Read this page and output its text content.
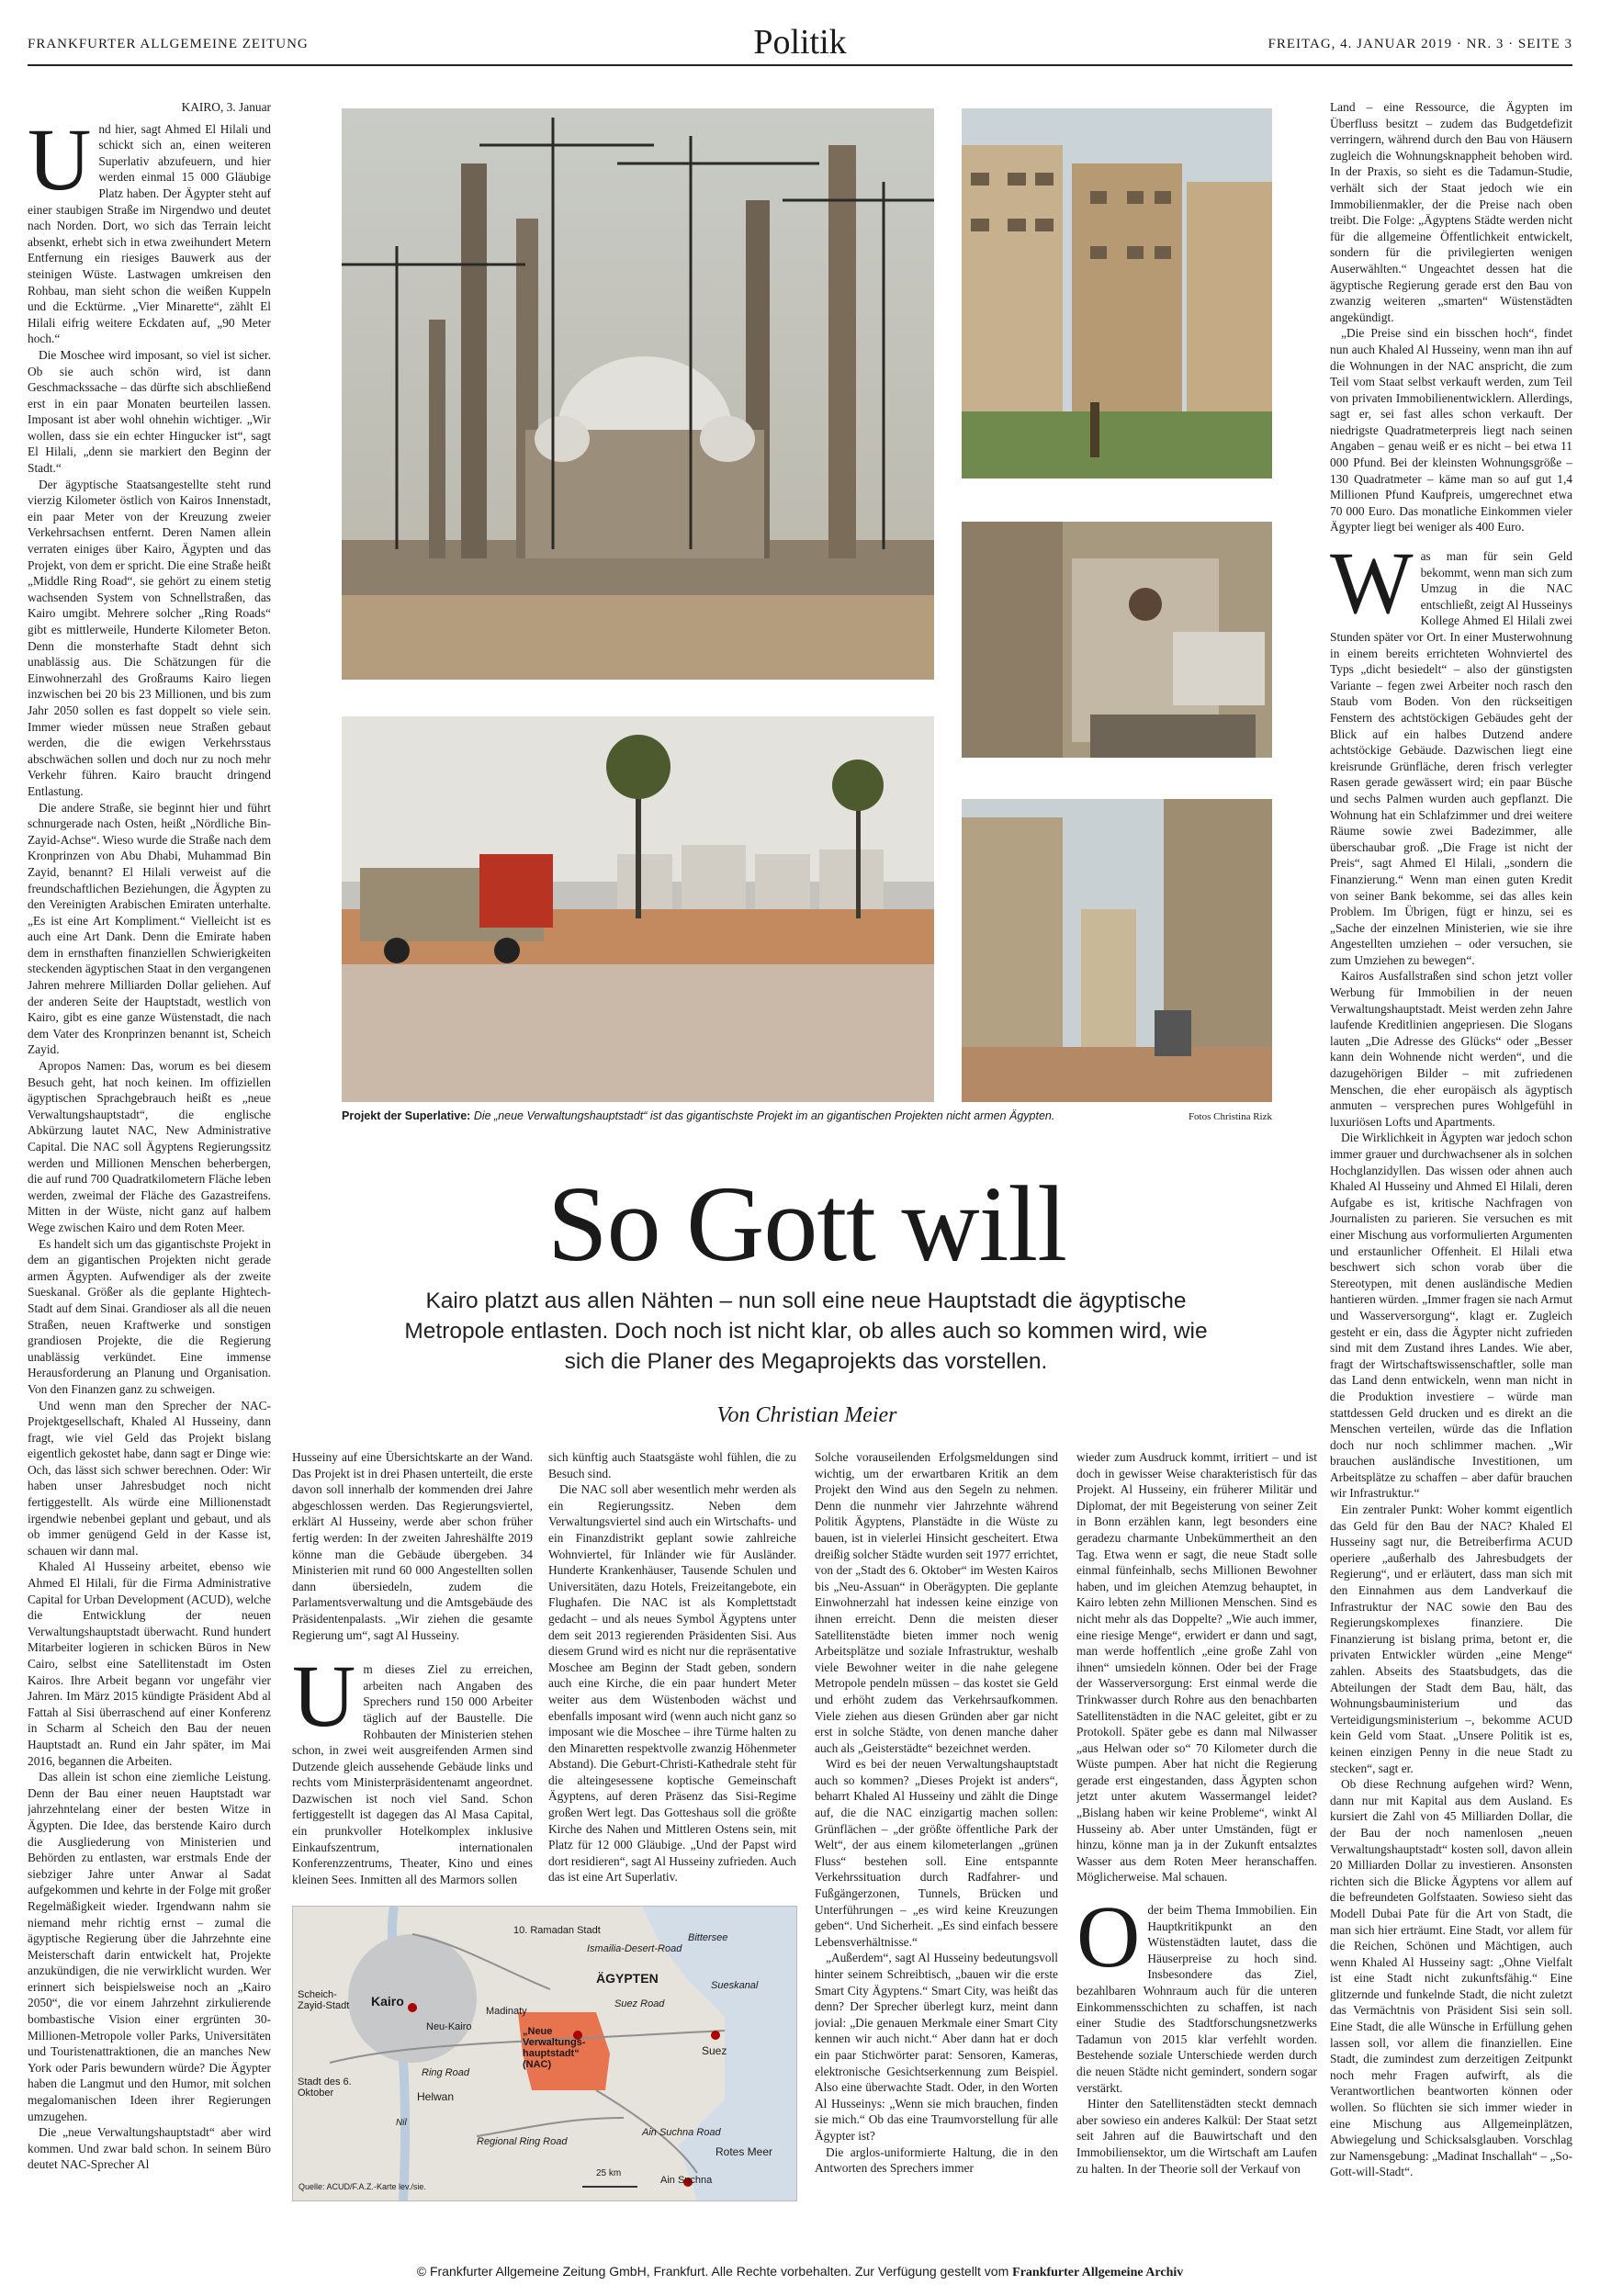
FRANKFURTER ALLGEMEINE ZEITUNG	Politik	FREITAG, 4. JANUAR 2019 · NR. 3 · SEITE 3
KAIRO, 3. Januar
U nd hier, sagt Ahmed El Hilali und schickt sich an, einen weiteren Superlativ abzufeuern, und hier werden einmal 15 000 Gläubige Platz haben. Der Ägypter steht auf einer staubigen Straße im Nirgendwo und deutet nach Norden. Dort, wo sich das Terrain leicht absenkt, erhebt sich in etwa zweihundert Metern Entfernung ein riesiges Bauwerk aus der steinigen Wüste. Lastwagen umkreisen den Rohbau, man sieht schon die weißen Kuppeln und die Ecktürme. „Vier Minarette“, zählt El Hilali eifrig weitere Eckdaten auf, „90 Meter hoch.“

Die Moschee wird imposant, so viel ist sicher. Ob sie auch schön wird, ist dann Geschmackssache – das dürfte sich abschließend erst in ein paar Monaten beurteilen lassen. Imposant ist aber wohl ohnehin wichtiger. „Wir wollen, dass sie ein echter Hingucker ist“, sagt El Hilali, „denn sie markiert den Beginn der Stadt.“

Der ägyptische Staatsangestellte steht rund vierzig Kilometer östlich von Kairos Innenstadt, ein paar Meter von der Kreuzung zweier Verkehrsachsen entfernt. Deren Namen allein verraten einiges über Kairo, Ägypten und das Projekt, von dem er spricht. Die eine Straße heißt „Middle Ring Road“, sie gehört zu einem stetig wachsenden System von Schnellstraßen, das Kairo umgibt. Mehrere solcher „Ring Roads“ gibt es mittlerweile, Hunderte Kilometer Beton. Denn die monsterhafte Stadt dehnt sich unablässig aus. Die Schätzungen für die Einwohnerzahl des Großraums Kairo liegen inzwischen bei 20 bis 23 Millionen, und bis zum Jahr 2050 sollen es fast doppelt so viele sein. Immer wieder müssen neue Straßen gebaut werden, die die ewigen Verkehrsstaus abschwächen sollen und doch nur zu noch mehr Verkehr führen. Kairo braucht dringend Entlastung.

Die andere Straße, sie beginnt hier und führt schnurgerade nach Osten, heißt „Nördliche Bin-Zayid-Achse“. Wieso wurde die Straße nach dem Kronprinzen von Abu Dhabi, Muhammad Bin Zayid, benannt? El Hilali verweist auf die freundschaftlichen Beziehungen, die Ägypten zu den Vereinigten Arabischen Emiraten unterhalte. „Es ist eine Art Kompliment.“ Vielleicht ist es auch eine Art Dank. Denn die Emirate haben dem in ernsthaften finanziellen Schwierigkeiten steckenden ägyptischen Staat in den vergangenen Jahren mehrere Milliarden Dollar geliehen. Auf der anderen Seite der Hauptstadt, westlich von Kairo, gibt es eine ganze Wüstenstadt, die nach dem Vater des Kronprinzen benannt ist, Scheich Zayid.

Apropos Namen: Das, worum es bei diesem Besuch geht, hat noch keinen. Im offiziellen ägyptischen Sprachgebrauch heißt es „neue Verwaltungshauptstadt“, die englische Abkürzung lautet NAC, New Administrative Capital. Die NAC soll Ägyptens Regierungssitz werden und Millionen Menschen beherbergen, die auf rund 700 Quadratkilometern Fläche leben werden, zweimal der Fläche des Gazastreifens. Mitten in der Wüste, nicht ganz auf halbem Wege zwischen Kairo und dem Roten Meer.

Es handelt sich um das gigantischste Projekt in dem an gigantischen Projekten nicht gerade armen Ägypten. Aufwendiger als der zweite Sueskanal. Größer als die geplante Hightech-Stadt auf dem Sinai. Grandioser als all die neuen Straßen, neuen Kraftwerke und sonstigen grandiosen Projekte, die die Regierung unablässig verkündet. Eine immense Herausforderung an Planung und Organisation. Von den Finanzen ganz zu schweigen.

Und wenn man den Sprecher der NAC-Projektgesellschaft, Khaled Al Husseiny, dann fragt, wie viel Geld das Projekt bislang eigentlich gekostet habe, dann sagt er Dinge wie: Och, das lässt sich schwer berechnen. Oder: Wir haben unser Jahresbudget noch nicht fertiggestellt. Als würde eine Millionenstadt irgendwie nebenbei geplant und gebaut, und als ob immer genügend Geld in der Kasse ist, schauen wir dann mal.

Khaled Al Husseiny arbeitet, ebenso wie Ahmed El Hilali, für die Firma Administrative Capital for Urban Development (ACUD), welche die Entwicklung der neuen Verwaltungshauptstadt überwacht. Rund hundert Mitarbeiter logieren in schicken Büros in New Cairo, selbst eine Satellitenstadt im Osten Kairos. Ihre Arbeit begann vor ungefähr vier Jahren. Im März 2015 kündigte Präsident Abd al Fattah al Sisi überraschend auf einer Konferenz in Scharm al Scheich den Bau der neuen Hauptstadt an. Rund ein Jahr später, im Mai 2016, begannen die Arbeiten.

Das allein ist schon eine ziemliche Leistung. Denn der Bau einer neuen Hauptstadt war jahrzehntelang einer der besten Witze in Ägypten. Die Idee, das berstende Kairo durch die Ausgliederung von Ministerien und Behörden zu entlasten, war erstmals Ende der siebziger Jahre unter Anwar al Sadat aufgekommen und kehrte in der Folge mit großer Regelmäßigkeit wieder. Irgendwann nahm sie niemand mehr richtig ernst – zumal die ägyptische Regierung über die Jahrzehnte eine Meisterschaft darin entwickelt hat, Projekte anzukündigen, die nie verwirklicht wurden. Wer erinnert sich beispielsweise noch an „Kairo 2050“, die vor einem Jahrzehnt zirkulierende bombastische Vision einer ergrünten 30-Millionen-Metropole voller Parks, Universitäten und Touristenattraktionen, die an manches New York oder Paris bewundern würde? Die Ägypter haben die Langmut und den Humor, mit solchen megalomanischen Ideen ihrer Regierungen umzugehen.

Die „neue Verwaltungshauptstadt“ aber wird kommen. Und zwar bald schon. In seinem Büro deutet NAC-Sprecher Al

Projekt der Superlative: Die „neue Verwaltungshauptstadt“ ist das gigantischste Projekt im an gigantischen Projekten nicht armen Ägypten.	Fotos Christina Rizk
So Gott will
Kairo platzt aus allen Nähten – nun soll eine neue Hauptstadt die ägyptische Metropole entlasten. Doch noch ist nicht klar, ob alles auch so kommen wird, wie sich die Planer des Megaprojekts das vorstellen.
Von Christian Meier

Husseiny auf eine Übersichtskarte an der Wand. Das Projekt ist in drei Phasen unterteilt, die erste davon soll innerhalb der kommenden drei Jahre abgeschlossen werden. Das Regierungsviertel, erklärt Al Husseiny, werde aber schon früher fertig werden: In der zweiten Jahreshälfte 2019 könne man die Gebäude übergeben. 34 Ministerien mit rund 60 000 Angestellten sollen dann übersiedeln, zudem die Parlamentsverwaltung und die Amtsgebäude des Präsidentenpalasts. „Wir ziehen die gesamte Regierung um“, sagt Al Husseiny.

U m dieses Ziel zu erreichen, arbeiten nach Angaben des Sprechers rund 150 000 Arbeiter täglich auf der Baustelle. Die Rohbauten der Ministerien stehen schon, in zwei weit ausgreifenden Armen sind Dutzende gleich aussehende Gebäude links und rechts vom Ministerpräsidentenamt angeordnet. Dazwischen ist noch viel Sand. Schon fertiggestellt ist dagegen das Al Masa Capital, ein prunkvoller Hotelkomplex inklusive Einkaufszentrum, internationalen Konferenzzentrums, Theater, Kino und eines kleinen Sees. Inmitten all des Marmors sollen

sich künftig auch Staatsgäste wohl fühlen, die zu Besuch sind.

Die NAC soll aber wesentlich mehr werden als ein Regierungssitz. Neben dem Verwaltungsviertel sind auch ein Wirtschafts- und ein Finanzdistrikt geplant sowie zahlreiche Wohnviertel, für Inländer wie für Ausländer. Hunderte Krankenhäuser, Tausende Schulen und Universitäten, dazu Hotels, Freizeitangebote, ein Flughafen. Die NAC ist als Komplettstadt gedacht – und als neues Symbol Ägyptens unter dem seit 2013 regierenden Präsidenten Sisi. Aus diesem Grund wird es nicht nur die repräsentative Moschee am Beginn der Stadt geben, sondern auch eine Kirche, die ein paar hundert Meter weiter aus dem Wüstenboden wächst und ebenfalls imposant wird (wenn auch nicht ganz so imposant wie die Moschee – ihre Türme halten zu den Minaretten respektvolle zwanzig Höhenmeter Abstand). Die Geburt-Christi-Kathedrale steht für die alteingesessene koptische Gemeinschaft Ägyptens, auf deren Präsenz das Sisi-Regime großen Wert legt. Das Gotteshaus soll die größte Kirche des Nahen und Mittleren Ostens sein, mit Platz für 12 000 Gläubige. „Und der Papst wird dort residieren“, sagt Al Husseiny zufrieden. Auch das ist eine Art Superlativ.

Solche vorauseilenden Erfolgsmeldungen sind wichtig, um der erwartbaren Kritik an dem Projekt den Wind aus den Segeln zu nehmen. Denn die nunmehr vier Jahrzehnte während Politik Ägyptens, Planstädte in die Wüste zu bauen, ist in vielerlei Hinsicht gescheitert. Etwa dreißig solcher Städte wurden seit 1977 errichtet, von der „Stadt des 6. Oktober“ im Westen Kairos bis „Neu-Assuan“ in Oberägypten. Die geplante Einwohnerzahl hat indessen keine einzige von ihnen erreicht. Denn die meisten dieser Satellitenstädte bieten immer noch wenig Arbeitsplätze und soziale Infrastruktur, weshalb viele Bewohner weiter in die nahe gelegene Metropole pendeln müssen – das kostet sie Geld und erhöht zudem das Verkehrsaufkommen. Viele ziehen aus diesen Gründen aber gar nicht erst in solche Städte, von denen manche daher auch als „Geisterstädte“ bezeichnet werden.

Wird es bei der neuen Verwaltungshauptstadt auch so kommen? „Dieses Projekt ist anders“, beharrt Khaled Al Husseiny und zählt die Dinge auf, die die NAC einzigartig machen sollen: Grünflächen – „der größte öffentliche Park der Welt“, der aus einem kilometerlangen „grünen Fluss“ bestehen soll. Eine entspannte Verkehrssituation durch Radfahrer- und Fußgängerzonen, Tunnels, Brücken und Unterführungen – „es wird keine Kreuzungen geben“. Und Sicherheit. „Es sind einfach bessere Lebensverhältnisse.“

„Außerdem“, sagt Al Husseiny bedeutungsvoll hinter seinem Schreibtisch, „bauen wir die erste Smart City Ägyptens.“ Smart City, was heißt das denn? Der Sprecher überlegt kurz, meint dann jovial: „Die genauen Merkmale einer Smart City kennen wir auch nicht.“ Aber dann hat er doch ein paar Stichwörter parat: Sensoren, Kameras, elektronische Gesichtserkennung zum Beispiel. Also eine überwachte Stadt. Oder, in den Worten Al Husseinys: „Wenn sie mich brauchen, finden sie mich.“ Ob das eine Traumvorstellung für alle Ägypter ist?

Die arglos-uniformierte Haltung, die in den Antworten des Sprechers immer

wieder zum Ausdruck kommt, irritiert – und ist doch in gewisser Weise charakteristisch für das Projekt. Al Husseiny, ein früherer Militär und Diplomat, der mit Begeisterung von seiner Zeit in Bonn erzählen kann, legt besonders eine geradezu charmante Unbekümmertheit an den Tag. Etwa wenn er sagt, die neue Stadt solle einmal fünfeinhalb, sechs Millionen Bewohner haben, und im gleichen Atemzug behauptet, in Kairo lebten zehn Millionen Menschen. Sind es nicht mehr als das Doppelte? „Wie auch immer, eine riesige Menge“, erwidert er dann und sagt, man werde hoffentlich „eine große Zahl von ihnen“ umsiedeln können. Oder bei der Frage der Wasserversorgung: Erst einmal werde die Trinkwasser durch Rohre aus den benachbarten Satellitenstädten in die NAC geleitet, gibt er zu Protokoll. Später gebe es dann mal Nilwasser „aus Helwan oder so“ 70 Kilometer durch die Wüste pumpen. Aber hat nicht die Regierung gerade erst eingestanden, dass Ägypten schon jetzt unter akutem Wassermangel leidet? „Bislang haben wir keine Probleme“, winkt Al Husseiny ab. Aber unter Umständen, fügt er hinzu, könne man ja in der Zukunft entsalztes Wasser aus dem Roten Meer heranschaffen. Möglicherweise. Mal schauen.

O der beim Thema Immobilien. Ein Hauptkritikpunkt an den Wüstenstädten lautet, dass die Häuserpreise zu hoch sind. Insbesondere das Ziel, bezahlbaren Wohnraum auch für die unteren Einkommensschichten zu schaffen, ist nach einer Studie des Stadtforschungsnetzwerks Tadamun von 2015 klar verfehlt worden. Bestehende soziale Unterschiede werden durch die neuen Städte nicht gemindert, sondern sogar verstärkt.

Hinter den Satellitenstädten steckt demnach aber sowieso ein anderes Kalkül: Der Staat setzt seit Jahren auf die Bauwirtschaft und den Immobiliensektor, um die Wirtschaft am Laufen zu halten. In der Theorie soll der Verkauf von

Land – eine Ressource, die Ägypten im Überfluss besitzt – zudem das Budgetdefizit verringern, während durch den Bau von Häusern zugleich die Wohnungsknappheit behoben wird. In der Praxis, so sieht es die Tadamun-Studie, verhält sich der Staat jedoch wie ein Immobilienmakler, der die Preise nach oben treibt. Die Folge: „Ägyptens Städte werden nicht für die allgemeine Öffentlichkeit entwickelt, sondern für die privilegierten wenigen Auserwählten.“ Ungeachtet dessen hat die ägyptische Regierung gerade erst den Bau von zwanzig weiteren „smarten“ Wüstenstädten angekündigt.

„Die Preise sind ein bisschen hoch“, findet nun auch Khaled Al Husseiny, wenn man ihn auf die Wohnungen in der NAC anspricht, die zum Teil vom Staat selbst verkauft werden, zum Teil von privaten Immobilienentwicklern. Allerdings, sagt er, sei fast alles schon verkauft. Der niedrigste Quadratmeterpreis liegt nach seinen Angaben – genau weiß er es nicht – bei etwa 11 000 Pfund. Bei der kleinsten Wohnungsgröße – 130 Quadratmeter – käme man so auf gut 1,4 Millionen Pfund Kaufpreis, umgerechnet etwa 70 000 Euro. Das monatliche Einkommen vieler Ägypter liegt bei weniger als 400 Euro.

W as man für sein Geld bekommt, wenn man sich zum Umzug in die NAC entschließt, zeigt Al Husseinys Kollege Ahmed El Hilali zwei Stunden später vor Ort. In einer Musterwohnung in einem bereits errichteten Wohnviertel des Typs „dicht besiedelt“ – also der günstigsten Variante – fegen zwei Arbeiter noch rasch den Staub vom Boden. Von den rückseitigen Fenstern des achtstöckigen Gebäudes geht der Blick auf ein halbes Dutzend andere achtstöckige Gebäude. Dazwischen liegt eine kreisrunde Grünfläche, deren frisch verlegter Rasen gerade gewässert wird; ein paar Büsche und sechs Palmen wurden auch gepflanzt. Die Wohnung hat ein Schlafzimmer und drei weitere Räume sowie zwei Badezimmer, alle überschaubar groß. „Die Frage ist nicht der Preis“, sagt Ahmed El Hilali, „sondern die Finanzierung.“ Wenn man einen guten Kredit von seiner Bank bekomme, sei das alles kein Problem. Im Übrigen, fügt er hinzu, sei es „Sache der einzelnen Ministerien, wie sie ihre Angestellten umziehen – oder versuchen, sie zum Umziehen zu bewegen“.

Kairos Ausfallstraßen sind schon jetzt voller Werbung für Immobilien in der neuen Verwaltungshauptstadt. Meist werden zehn Jahre laufende Kreditlinien angepriesen. Die Slogans lauten „Die Adresse des Glücks“ oder „Besser kann dein Wohnende nicht werden“, und die dazugehörigen Bilder – mit zufriedenen Menschen, die eher europäisch als ägyptisch anmuten – versprechen pures Wohlgefühl in luxuriösen Lofts und Apartments.

Die Wirklichkeit in Ägypten war jedoch schon immer grauer und durchwachsener als in solchen Hochglanzidyllen. Das wissen oder ahnen auch Khaled Al Husseiny und Ahmed El Hilali, deren Aufgabe es ist, kritische Nachfragen von Journalisten zu parieren. Sie versuchen es mit einer Mischung aus vorformulierten Argumenten und erstaunlicher Offenheit. El Hilali etwa beschwert sich schon vorab über die Stereotypen, mit denen ausländische Medien hantieren würden. „Immer fragen sie nach Armut und Wasserversorgung“, klagt er. Zugleich gesteht er ein, dass die Ägypter nicht zufrieden sind mit dem Zustand ihres Landes. Wie aber, fragt der Wirtschaftswissenschaftler, solle man das Land denn entwickeln, wenn man nicht in die Produktion investiere – würde man stattdessen Geld drucken und es direkt an die Menschen verteilen, würde das die Inflation doch nur noch schlimmer machen. „Wir brauchen ausländische Investitionen, um Arbeitsplätze zu schaffen – aber dafür brauchen wir Infrastruktur.“

Ein zentraler Punkt: Woher kommt eigentlich das Geld für den Bau der NAC? Khaled El Husseiny sagt nur, die Betreiberfirma ACUD operiere „außerhalb des Jahresbudgets der Regierung“, und er erläutert, dass man sich mit den Einnahmen aus dem Landverkauf die Infrastruktur der NAC sowie den Bau des Regierungskomplexes finanziere. Die Finanzierung ist bislang prima, betont er, die privaten Entwickler würden „eine Menge“ zahlen. Abseits des Staatsbudgets, das die Abteilungen der Stadt dem Bau, hält, das Wohnungsbauministerium und das Verteidigungsministerium –, bekomme ACUD kein Geld vom Staat. „Unsere Politik ist es, keinen einzigen Penny in die neue Stadt zu stecken“, sagt er.

Ob diese Rechnung aufgehen wird? Wenn, dann nur mit Kapital aus dem Ausland. Es kursiert die Zahl von 45 Milliarden Dollar, die der Bau der noch namenlosen „neuen Verwaltungshauptstadt“ kosten soll, davon allein 20 Milliarden Dollar zu investieren. Ansonsten richten sich die Blicke Ägyptens vor allem auf die befreundeten Golfstaaten. Sowieso sieht das Modell Dubai Pate für die Art von Stadt, die man sich hier erträumt. Eine Stadt, vor allem für die Reichen, Schönen und Mächtigen, auch wenn Khaled Al Husseiny sagt: „Ohne Vielfalt ist eine Stadt nicht zukunftsfähig.“ Eine glitzernde und funkelnde Stadt, die nicht zuletzt das Vermächtnis von Präsident Sisi sein soll. Eine Stadt, die alle Wünsche in Erfüllung gehen lassen soll, vor allem die finanziellen. Eine Stadt, die zumindest zum derzeitigen Zeitpunkt noch mehr Fragen aufwirft, als die Verantwortlichen beantworten können oder wollen. So flüchten sie sich immer wieder in eine Mischung aus Allgemeinplätzen, Abwiegelung und Schicksalsglauben. Vorschlag zur Namensgebung: „Madinat Inschallah“ – „So-Gott-will-Stadt“.

10. Ramadan Stadt
Ismailia-Desert-Road
Bittersee
Sueskanal
ÄGYPTEN
Kairo
Neu-Kairo
Madinaty
Scheich-Zayid-Stadt
Stadt des 6. Oktober
„Neue Verwaltungs-hauptstadt“ (NAC)
Suez Road
Suez
Ring Road
Helwan
Regional Ring Road
Ain Suchna Road
Rotes Meer
Ain Suchna
Nil
25 km
Quelle: ACUD/F.A.Z.-Karte lev./sie.
© Frankfurter Allgemeine Zeitung GmbH, Frankfurt. Alle Rechte vorbehalten. Zur Verfügung gestellt vom Frankfurter Allgemeine Archiv
